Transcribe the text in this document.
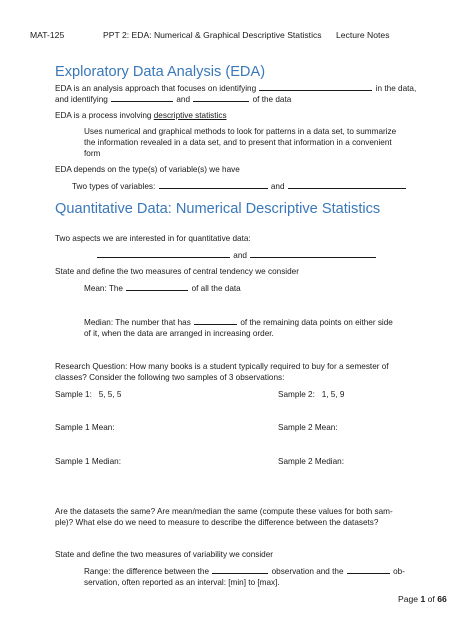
MAT-125	PPT 2: EDA: Numerical & Graphical Descriptive Statistics Lecture Notes
Exploratory Data Analysis (EDA)
EDA is an analysis approach that focuses on identifying	in the data,
and identifying	and	of the data
EDA is a process involving descriptive statistics
Uses numerical and graphical methods to look for patterns in a data set, to summarize
the information revealed in a data set, and to present that information in a convenient
form
EDA depends on the type(s) of variable(s) we have
Two types of variables:	and
Quantitative Data: Numerical Descriptive Statistics
Two aspects we are interested in for quantitative data:
and
State and define the two measures of central tendency we consider
Mean: The	of all the data
Median: The number that has	of the remaining data points on either side
of it, when the data are arranged in increasing order.
Research Question: How many books is a student typically required to buy for a semester of
classes? Consider the following two samples of 3 observations:
Sample 1: 5, 5, 5	Sample 2: 1, 5, 9
Sample 1 Mean:	Sample 2 Mean:
Sample 1 Median:	Sample 2 Median:
Are the datasets the same? Are mean/median the same (compute these values for both sam-
ple)? What else do we need to measure to describe the difference between the datasets?
State and define the two measures of variability we consider
Range: the difference between the	observation and the	ob-
servation, often reported as an interval: [min] to [max].
Page 1 of 66
